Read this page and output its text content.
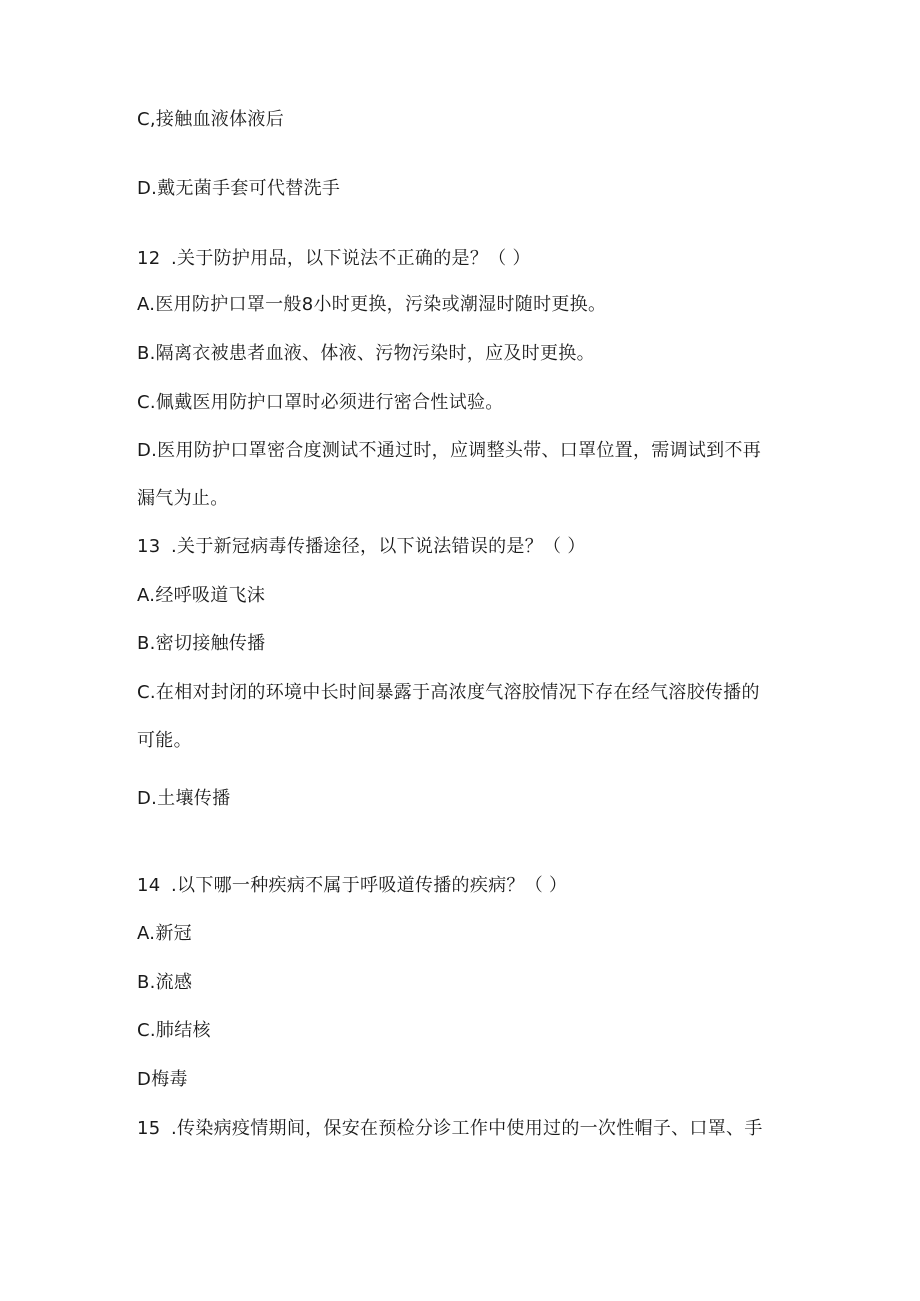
C,接触血液体液后
D.戴无菌手套可代替洗手
12 .关于防护用品，以下说法不正确的是？（ ）
A.医用防护口罩一般8小时更换，污染或潮湿时随时更换。
B.隔离衣被患者血液、体液、污物污染时，应及时更换。
C.佩戴医用防护口罩时必须进行密合性试验。
D.医用防护口罩密合度测试不通过时，应调整头带、口罩位置，需调试到不再
漏气为止。
13 .关于新冠病毒传播途径，以下说法错误的是？（ ）
A.经呼吸道飞沫
B.密切接触传播
C.在相对封闭的环境中长时间暴露于高浓度气溶胶情况下存在经气溶胶传播的
可能。
D.土壤传播
14 .以下哪一种疾病不属于呼吸道传播的疾病？（ ）
A.新冠
B.流感
C.肺结核
D梅毒
15 .传染病疫情期间，保安在预检分诊工作中使用过的一次性帽子、口罩、手
